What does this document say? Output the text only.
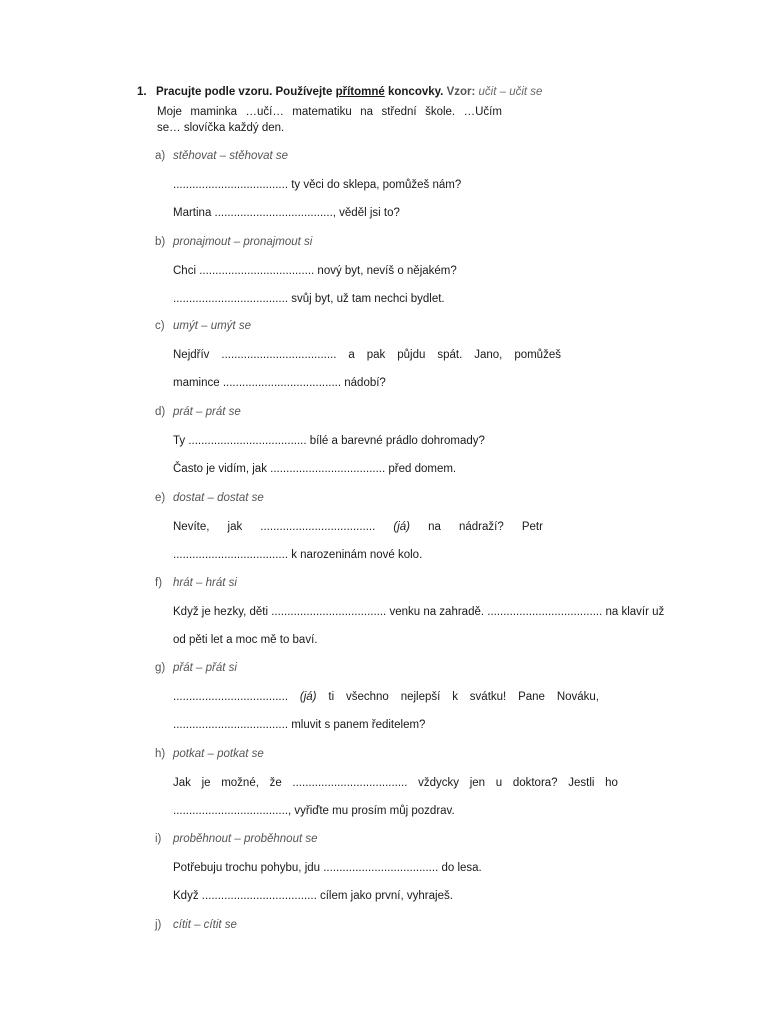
1. Pracujte podle vzoru. Používejte přítomné koncovky. Vzor: učit – učit se
Moje maminka …učí… matematiku na střední škole. …Učím
se… slovíčka každý den.
a) stěhovat – stěhovat se
.................................... ty věci do sklepa, pomůžeš nám?
Martina ....................................., věděl jsi to?
b) pronajmout – pronajmout si
Chci .................................... nový byt, nevíš o nějakém?
.................................... svůj byt, už tam nechci bydlet.
c) umýt – umýt se
Nejdřív .................................... a pak půjdu spát. Jano, pomůžeš
mamince ..................................... nádobí?
d) prát – prát se
Ty ..................................... bílé a barevné prádlo dohromady?
Často je vidím, jak .................................... před domem.
e) dostat – dostat se
Nevíte, jak .................................... (já) na nádraží? Petr
.................................... k narozeninám nové kolo.
f) hrát – hrát si
Když je hezky, děti .................................... venku na zahradě. .................................... na klavír už
od pěti let a moc mě to baví.
g) přát – přát si
.................................... (já) ti všechno nejlepší k svátku! Pane Nováku,
.................................... mluvit s panem ředitelem?
h) potkat – potkat se
Jak je možné, že .................................... vždycky jen u doktora? Jestli ho
...................................., vyřiďte mu prosím můj pozdrav.
i) proběhnout – proběhnout se
Potřebuju trochu pohybu, jdu .................................... do lesa.
Když .................................... cílem jako první, vyhraješ.
j) cítit – cítit se
